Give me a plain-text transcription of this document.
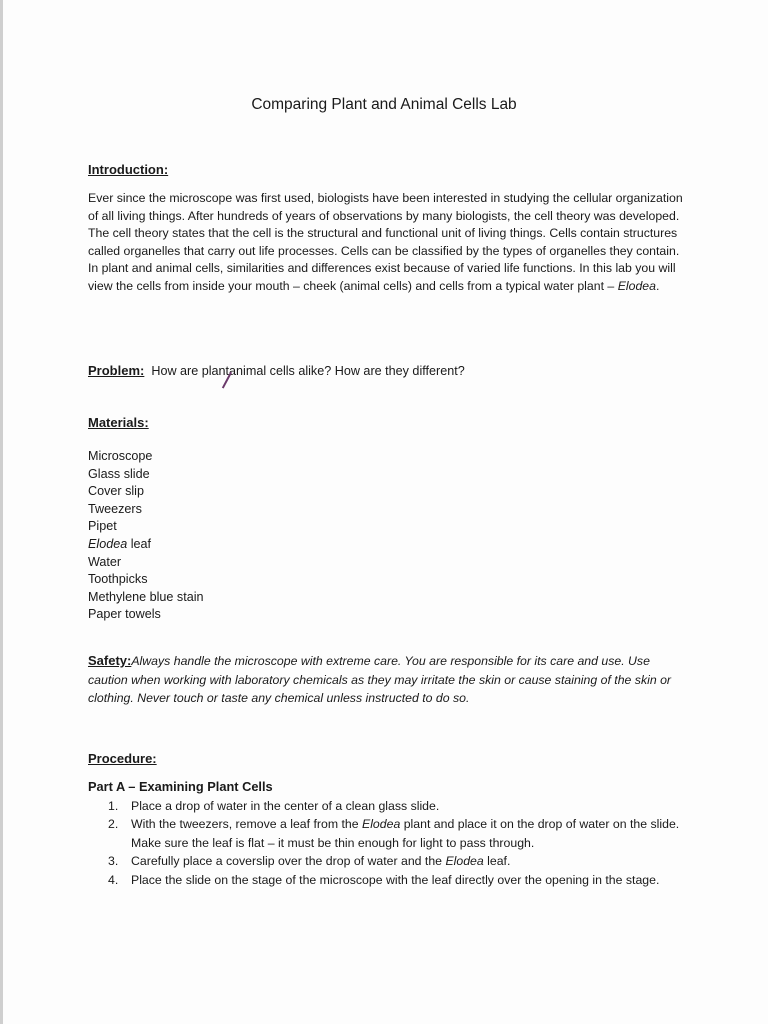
Comparing Plant and Animal Cells Lab
Introduction:
Ever since the microscope was first used, biologists have been interested in studying the cellular organization of all living things. After hundreds of years of observations by many biologists, the cell theory was developed. The cell theory states that the cell is the structural and functional unit of living things. Cells contain structures called organelles that carry out life processes. Cells can be classified by the types of organelles they contain. In plant and animal cells, similarities and differences exist because of varied life functions. In this lab you will view the cells from inside your mouth – cheek (animal cells) and cells from a typical water plant – Elodea.
Problem: How are plantanimal cells alike? How are they different?
Materials:
Microscope
Glass slide
Cover slip
Tweezers
Pipet
Elodea leaf
Water
Toothpicks
Methylene blue stain
Paper towels
Safety:Always handle the microscope with extreme care. You are responsible for its care and use. Use caution when working with laboratory chemicals as they may irritate the skin or cause staining of the skin or clothing. Never touch or taste any chemical unless instructed to do so.
Procedure:
Part A – Examining Plant Cells
1. Place a drop of water in the center of a clean glass slide.
2. With the tweezers, remove a leaf from the Elodea plant and place it on the drop of water on the slide. Make sure the leaf is flat – it must be thin enough for light to pass through.
3. Carefully place a coverslip over the drop of water and the Elodea leaf.
4. Place the slide on the stage of the microscope with the leaf directly over the opening in the stage.
